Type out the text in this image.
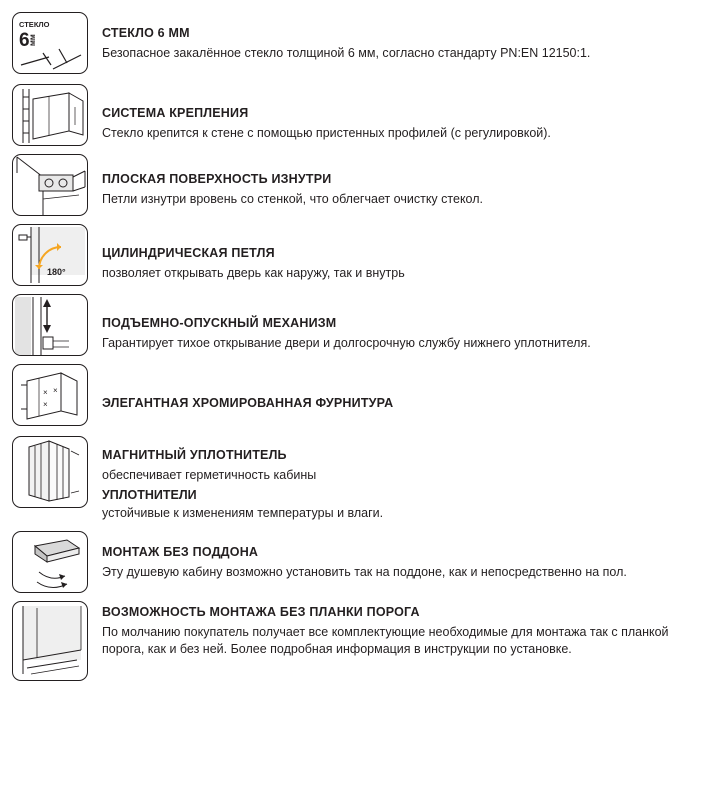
СТЕКЛО
6
мм

СТЕКЛО 6 ММ

Безопасное закалённое стекло толщиной 6 мм, согласно стандарту PN:EN 12150:1.

СИСТЕМА КРЕПЛЕНИЯ

Стекло крепится к стене с помощью пристенных профилей (с регулировкой).

ПЛОСКАЯ ПОВЕРХНОСТЬ ИЗНУТРИ

Петли изнутри вровень со стенкой, что облегчает очистку стекол.

180°

ЦИЛИНДРИЧЕСКАЯ ПЕТЛЯ

позволяет открывать дверь как наружу, так и внутрь

ПОДЪЕМНО-ОПУСКНЫЙ МЕХАНИЗМ

Гарантирует тихое открывание двери и долгосрочную службу нижнего уплотнителя.

× ×
×	ЭЛЕГАНТНАЯ ХРОМИРОВАННАЯ ФУРНИТУРА

МАГНИТНЫЙ УПЛОТНИТЕЛЬ

обеспечивает герметичность кабины

УПЛОТНИТЕЛИ

устойчивые к изменениям температуры и влаги.

МОНТАЖ БЕЗ ПОДДОНА

Эту душевую кабину возможно установить так на поддоне, как и непосредственно на пол.

ВОЗМОЖНОСТЬ МОНТАЖА БЕЗ ПЛАНКИ ПОРОГА

По молчанию покупатель получает все комплектующие необходимые для монтажа так с планкой порога, как и без ней. Более подробная информация в инструкции по установке.
